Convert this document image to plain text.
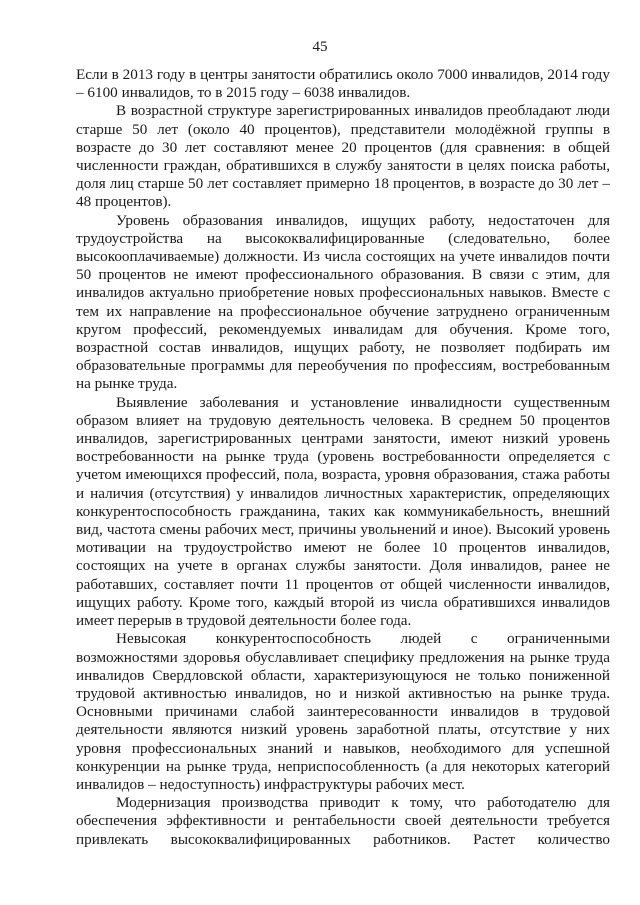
45

Если в 2013 году в центры занятости обратились около 7000 инвалидов, 2014 году – 6100 инвалидов, то в 2015 году – 6038 инвалидов.

В возрастной структуре зарегистрированных инвалидов преобладают люди старше 50 лет (около 40 процентов), представители молодёжной группы в возрасте до 30 лет составляют менее 20 процентов (для сравнения: в общей численности граждан, обратившихся в службу занятости в целях поиска работы, доля лиц старше 50 лет составляет примерно 18 процентов, в возрасте до 30 лет – 48 процентов).

Уровень образования инвалидов, ищущих работу, недостаточен для трудоустройства на высококвалифицированные (следовательно, более высокооплачиваемые) должности. Из числа состоящих на учете инвалидов почти 50 процентов не имеют профессионального образования. В связи с этим, для инвалидов актуально приобретение новых профессиональных навыков. Вместе с тем их направление на профессиональное обучение затруднено ограниченным кругом профессий, рекомендуемых инвалидам для обучения. Кроме того, возрастной состав инвалидов, ищущих работу, не позволяет подбирать им образовательные программы для переобучения по профессиям, востребованным на рынке труда.

Выявление заболевания и установление инвалидности существенным образом влияет на трудовую деятельность человека. В среднем 50 процентов инвалидов, зарегистрированных центрами занятости, имеют низкий уровень востребованности на рынке труда (уровень востребованности определяется с учетом имеющихся профессий, пола, возраста, уровня образования, стажа работы и наличия (отсутствия) у инвалидов личностных характеристик, определяющих конкурентоспособность гражданина, таких как коммуникабельность, внешний вид, частота смены рабочих мест, причины увольнений и иное). Высокий уровень мотивации на трудоустройство имеют не более 10 процентов инвалидов, состоящих на учете в органах службы занятости. Доля инвалидов, ранее не работавших, составляет почти 11 процентов от общей численности инвалидов, ищущих работу. Кроме того, каждый второй из числа обратившихся инвалидов имеет перерыв в трудовой деятельности более года.

Невысокая конкурентоспособность людей с ограниченными возможностями здоровья обуславливает специфику предложения на рынке труда инвалидов Свердловской области, характеризующуюся не только пониженной трудовой активностью инвалидов, но и низкой активностью на рынке труда. Основными причинами слабой заинтересованности инвалидов в трудовой деятельности являются низкий уровень заработной платы, отсутствие у них уровня профессиональных знаний и навыков, необходимого для успешной конкуренции на рынке труда, неприспособленность (а для некоторых категорий инвалидов – недоступность) инфраструктуры рабочих мест.

Модернизация производства приводит к тому, что работодателю для обеспечения эффективности и рентабельности своей деятельности требуется привлекать высококвалифицированных работников. Растет количество
